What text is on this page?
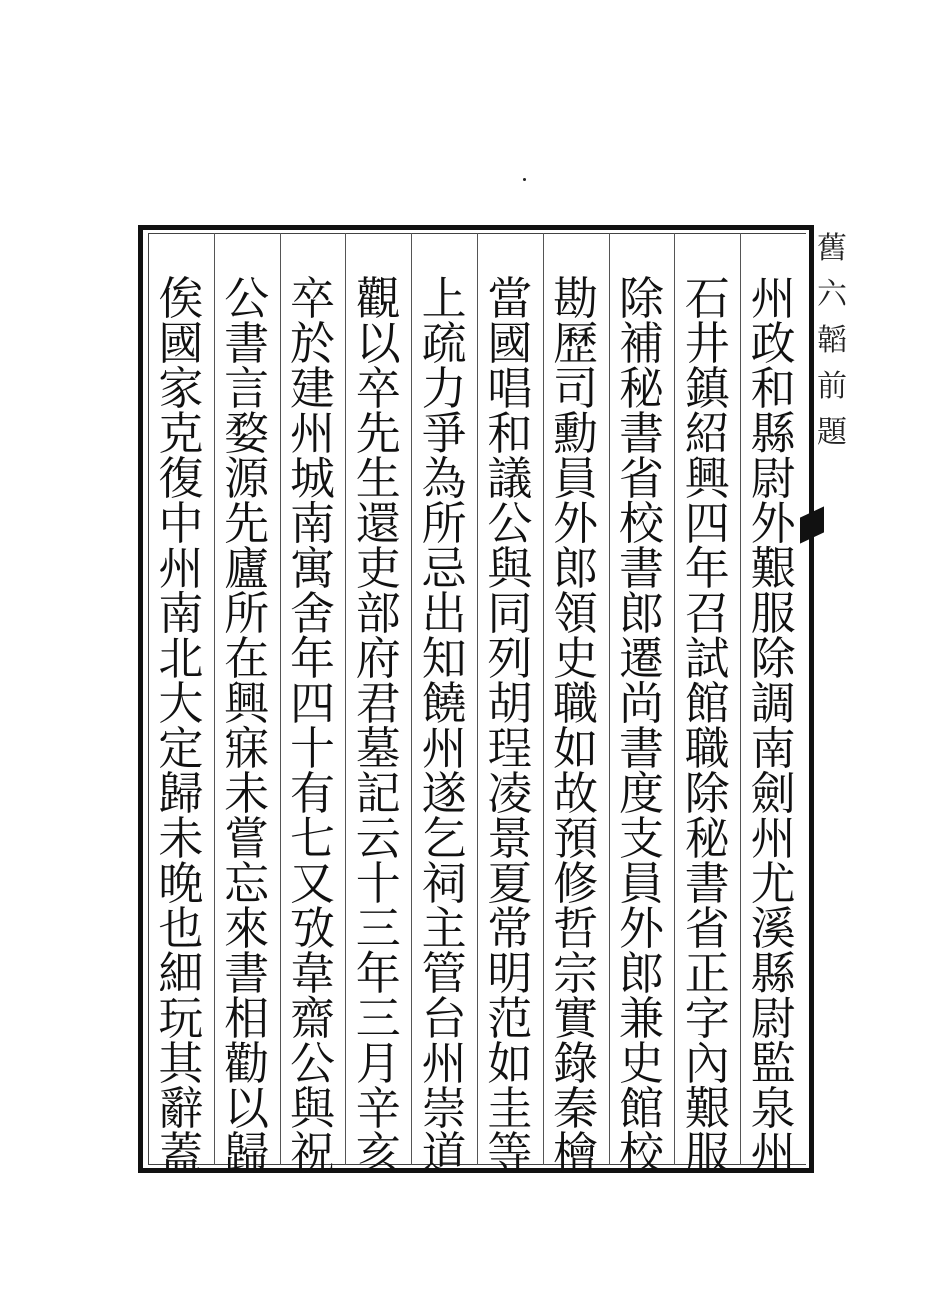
州
政
和
縣
尉
外
艱
服
除
調
南
劍
州
尤
溪
縣
尉
監
泉
州
石
井
鎮
紹
興
四
年
召
試
館
職
除
秘
書
省
正
字
內
艱
服
除
補
秘
書
省
校
書
郎
遷
尚
書
度
支
員
外
郎
兼
史
館
校
勘
歷
司
勳
員
外
郎
領
史
職
如
故
預
修
哲
宗
實
錄
秦
檜
當
國
唱
和
議
公
與
同
列
胡
珵
凌
景
夏
常
明
范
如
圭
等
上
疏
力
爭
為
所
忌
出
知
饒
州
遂
乞
祠
主
管
台
州
崇
道
觀
以
卒
先
生
還
吏
部
府
君
墓
記
云
十
三
年
三
月
辛
亥
卒
於
建
州
城
南
寓
舍
年
四
十
有
七
又
攷
韋
齋
公
與
祝
公
書
言
婺
源
先
廬
所
在
興
寐
未
嘗
忘
來
書
相
勸
以
歸
俟
國
家
克
復
中
州
南
北
大
定
歸
未
晚
也
細
玩
其
辭
蓋
舊
六
韜
前
題
